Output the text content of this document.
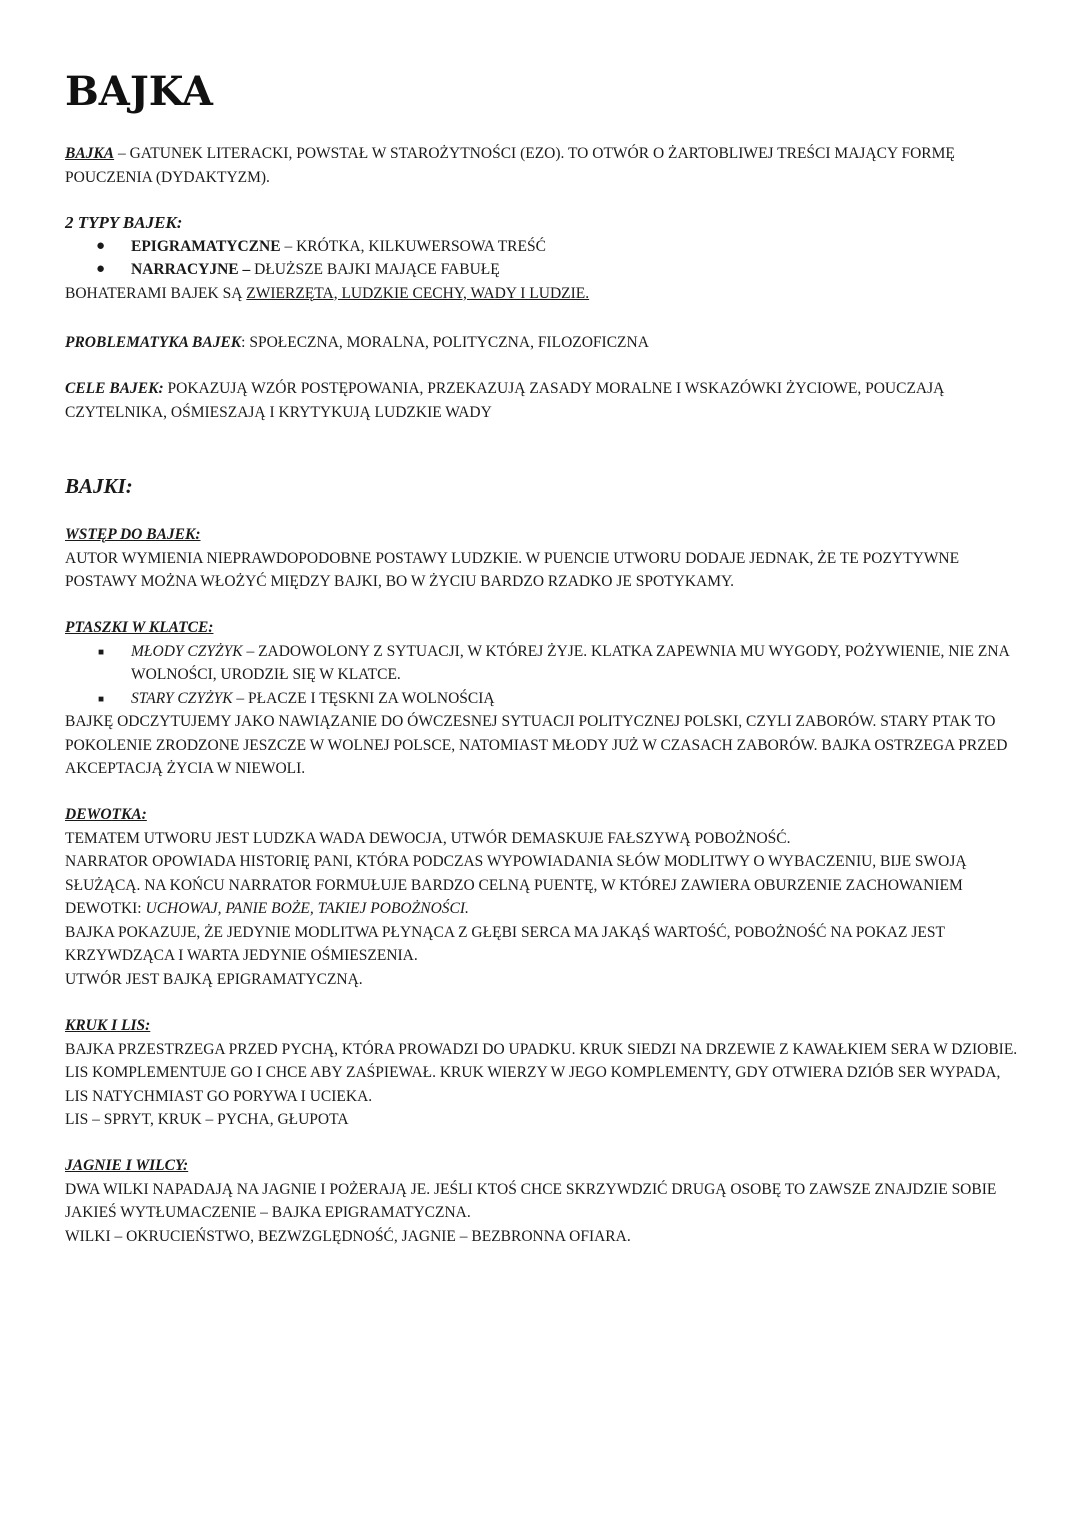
BAJKA
BAJKA – GATUNEK LITERACKI, POWSTAŁ W STAROŻYTNOŚCI (EZO). TO OTWÓR O ŻARTOBLIWEJ TREŚCI MAJĄCY FORMĘ POUCZENIA (DYDAKTYZM).
2 TYPY BAJEK:
● EPIGRAMATYCZNE – KRÓTKA, KILKUWERSOWA TREŚĆ
● NARRACYJNE – DŁUŻSZE BAJKI MAJĄCE FABUŁĘ
BOHATERAMI BAJEK SĄ ZWIERZĘTA, LUDZKIE CECHY, WADY I LUDZIE.
PROBLEMATYKA BAJEK: SPOŁECZNA, MORALNA, POLITYCZNA, FILOZOFICZNA
CELE BAJEK: POKAZUJĄ WZÓR POSTĘPOWANIA, PRZEKAZUJĄ ZASADY MORALNE I WSKAZÓWKI ŻYCIOWE, POUCZAJĄ CZYTELNIKA, OŚMIESZAJĄ I KRYTYKUJĄ LUDZKIE WADY
BAJKI:
WSTĘP DO BAJEK:

AUTOR WYMIENIA NIEPRAWDOPODOBNE POSTAWY LUDZKIE. W PUENCIE UTWORU DODAJE JEDNAK, ŻE TE POZYTYWNE POSTAWY MOŻNA WŁOŻYĆ MIĘDZY BAJKI, BO W ŻYCIU BARDZO RZADKO JE SPOTYKAMY.

PTASZKI W KLATCE:
■ MŁODY CZYŻYK – ZADOWOLONY Z SYTUACJI, W KTÓREJ ŻYJE. KLATKA ZAPEWNIA MU WYGODY, POŻYWIENIE, NIE ZNA WOLNOŚCI, URODZIŁ SIĘ W KLATCE.
■ STARY CZYŻYK – PŁACZE I TĘSKNI ZA WOLNOŚCIĄ

BAJKĘ ODCZYTUJEMY JAKO NAWIĄZANIE DO ÓWCZESNEJ SYTUACJI POLITYCZNEJ POLSKI, CZYLI ZABORÓW. STARY PTAK TO POKOLENIE ZRODZONE JESZCZE W WOLNEJ POLSCE, NATOMIAST MŁODY JUŻ W CZASACH ZABORÓW. BAJKA OSTRZEGA PRZED AKCEPTACJĄ ŻYCIA W NIEWOLI.

DEWOTKA:

TEMATEM UTWORU JEST LUDZKA WADA DEWOCJA, UTWÓR DEMASKUJE FAŁSZYWĄ POBOŻNOŚĆ.

NARRATOR OPOWIADA HISTORIĘ PANI, KTÓRA PODCZAS WYPOWIADANIA SŁÓW MODLITWY O WYBACZENIU, BIJE SWOJĄ SŁUŻĄCĄ. NA KOŃCU NARRATOR FORMUŁUJE BARDZO CELNĄ PUENTĘ, W KTÓREJ ZAWIERA OBURZENIE ZACHOWANIEM DEWOTKI: UCHOWAJ, PANIE BOŻE, TAKIEJ POBOŻNOŚCI.

BAJKA POKAZUJE, ŻE JEDYNIE MODLITWA PŁYNĄCA Z GŁĘBI SERCA MA JAKĄŚ WARTOŚĆ, POBOŻNOŚĆ NA POKAZ JEST KRZYWDZĄCA I WARTA JEDYNIE OŚMIESZENIA.

UTWÓR JEST BAJKĄ EPIGRAMATYCZNĄ.

KRUK I LIS:

BAJKA PRZESTRZEGA PRZED PYCHĄ, KTÓRA PROWADZI DO UPADKU. KRUK SIEDZI NA DRZEWIE Z KAWAŁKIEM SERA W DZIOBIE. LIS KOMPLEMENTUJE GO I CHCE ABY ZAŚPIEWAŁ. KRUK WIERZY W JEGO KOMPLEMENTY, GDY OTWIERA DZIÓB SER WYPADA, LIS NATYCHMIAST GO PORYWA I UCIEKA.

LIS – SPRYT, KRUK – PYCHA, GŁUPOTA

JAGNIE I WILCY:

DWA WILKI NAPADAJĄ NA JAGNIE I POŻERAJĄ JE. JEŚLI KTOŚ CHCE SKRZYWDZIĆ DRUGĄ OSOBĘ TO ZAWSZE ZNAJDZIE SOBIE JAKIEŚ WYTŁUMACZENIE – BAJKA EPIGRAMATYCZNA.

WILKI – OKRUCIEŃSTWO, BEZWZGLĘDNOŚĆ, JAGNIE – BEZBRONNA OFIARA.
